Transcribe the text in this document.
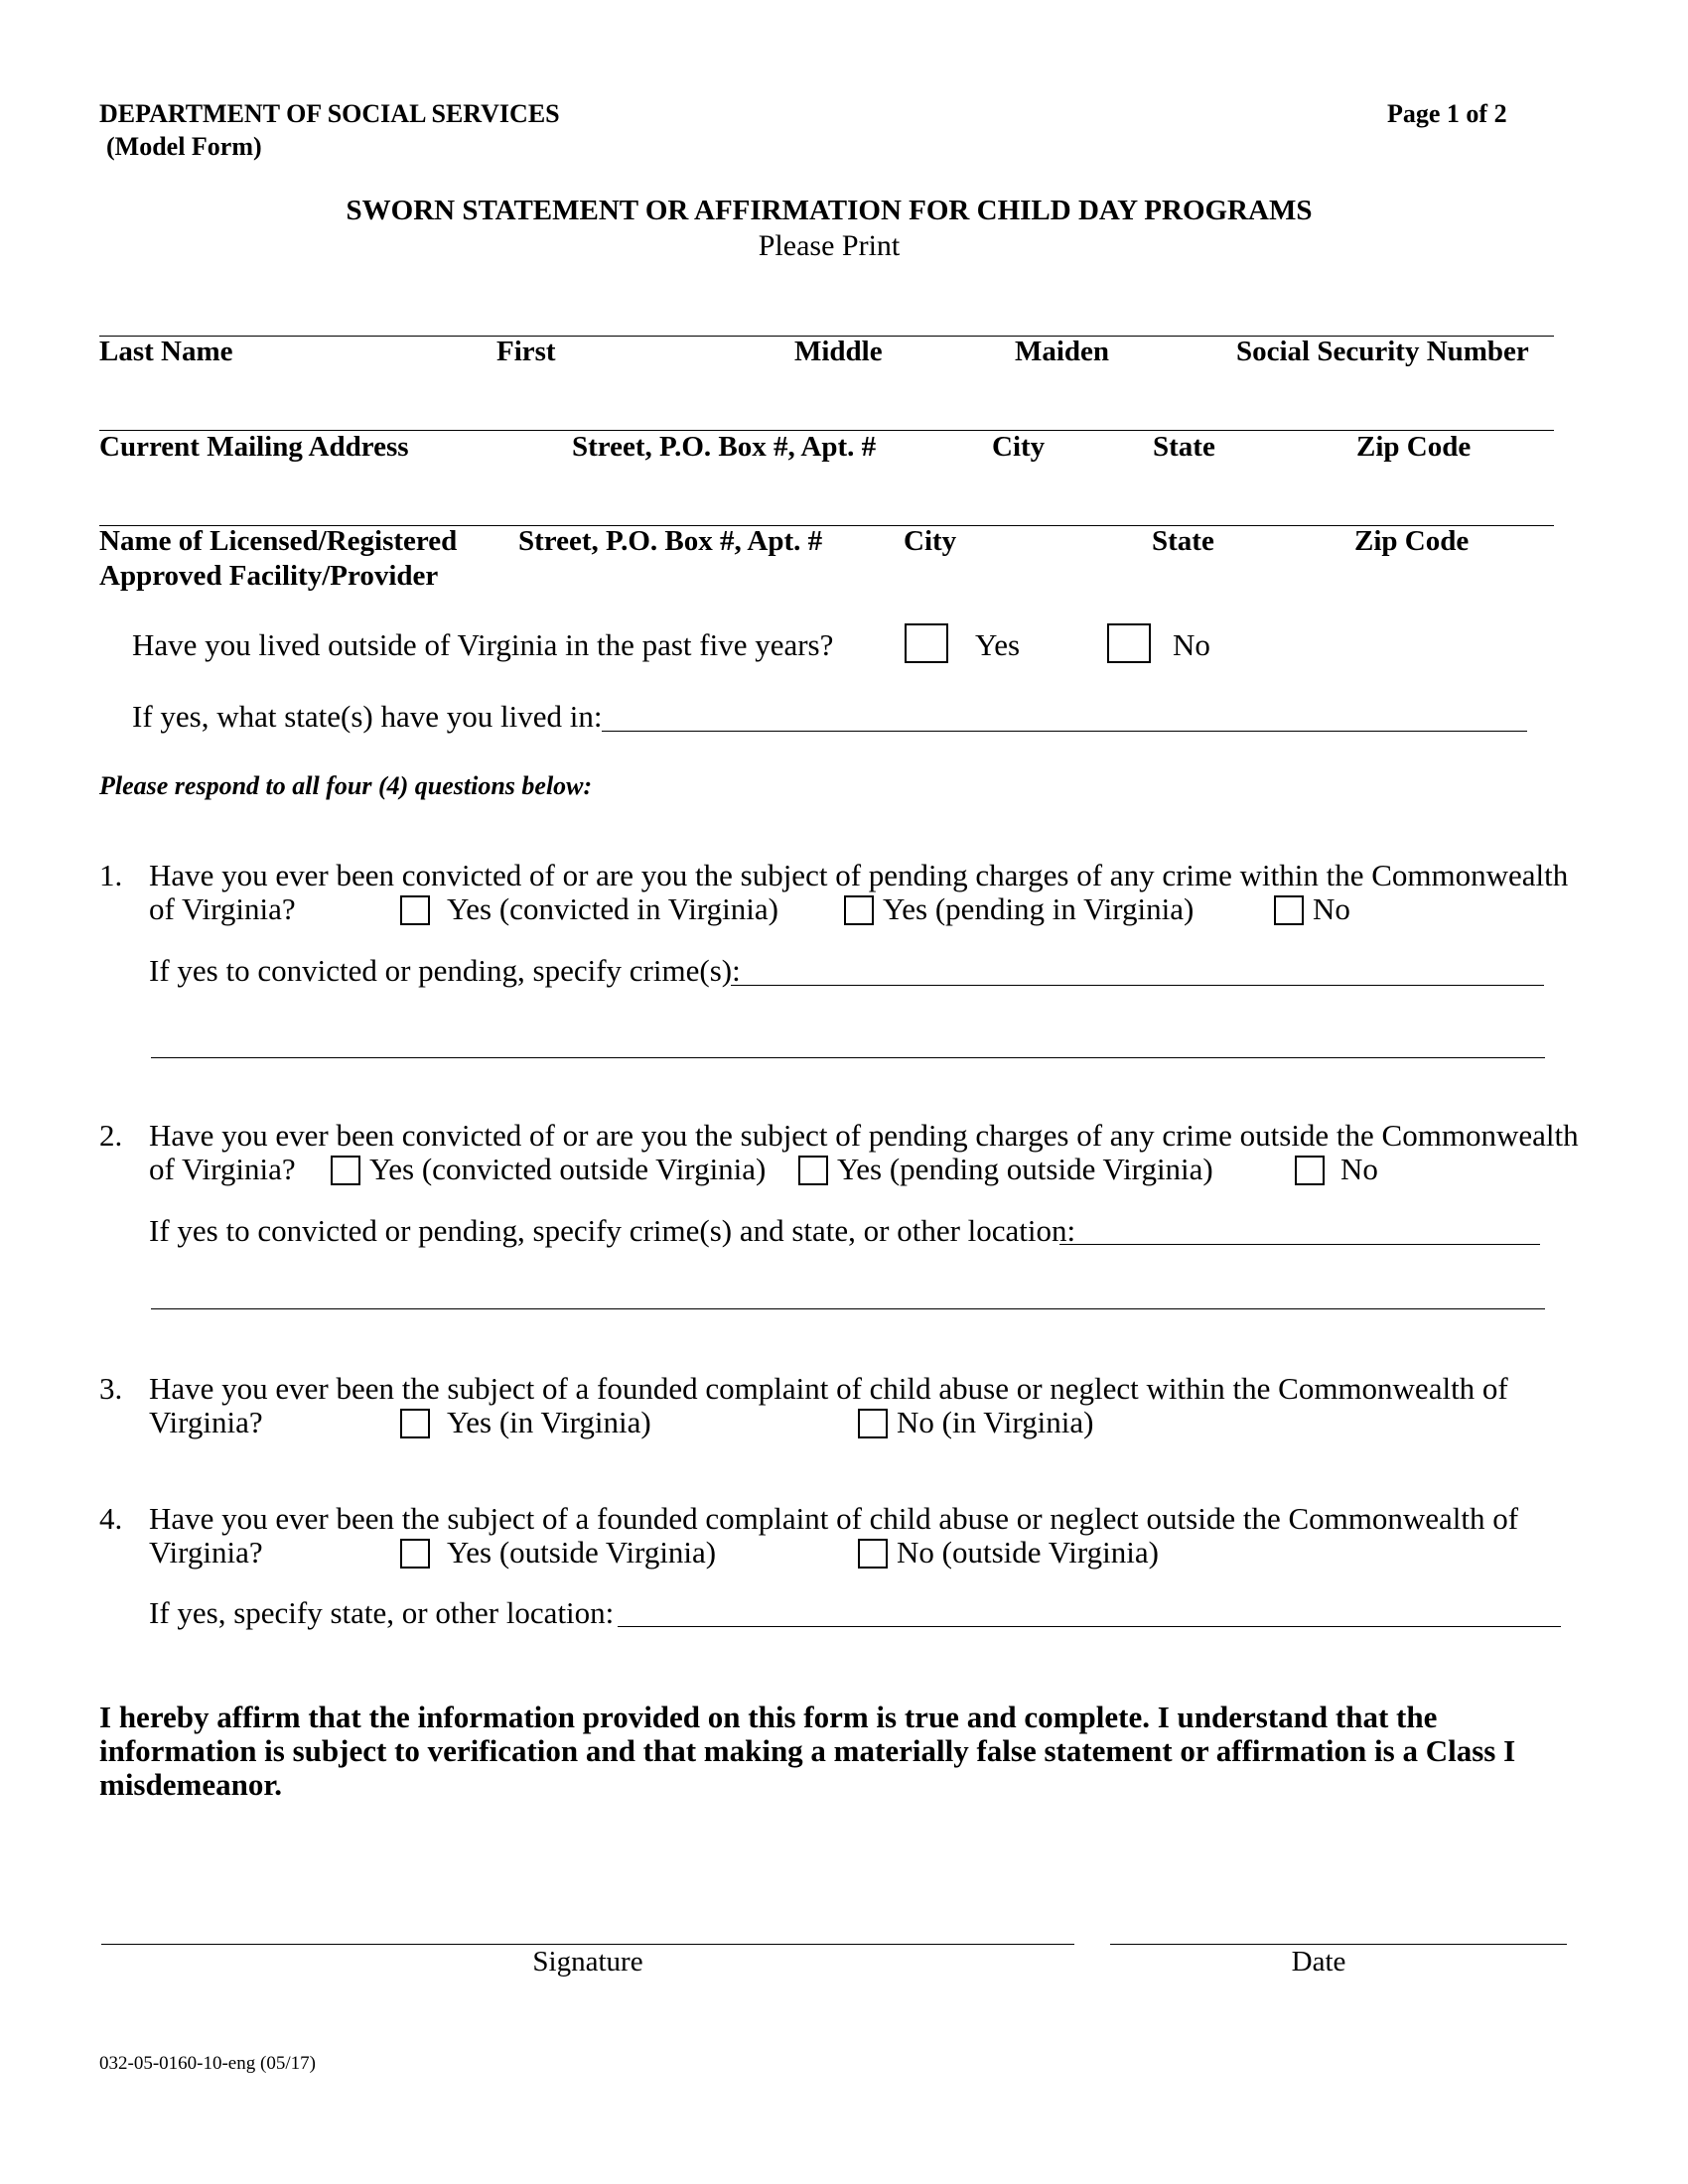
DEPARTMENT OF SOCIAL SERVICES
(Model Form)
Page 1 of 2
SWORN STATEMENT OR AFFIRMATION FOR CHILD DAY PROGRAMS
Please Print
Last Name	First	Middle	Maiden	Social Security Number
Current Mailing Address	Street, P.O. Box #, Apt. #	City	State	Zip Code
Name of Licensed/Registered
Approved Facility/Provider
Street, P.O. Box #, Apt. #	City	State	Zip Code
Have you lived outside of Virginia in the past five years?	Yes	No
If yes, what state(s) have you lived in:
Please respond to all four (4) questions below:
1. Have you ever been convicted of or are you the subject of pending charges of any crime within the Commonwealth
of Virginia?	Yes (convicted in Virginia)	Yes (pending in Virginia)	No
If yes to convicted or pending, specify crime(s):
2. Have you ever been convicted of or are you the subject of pending charges of any crime outside the Commonwealth
of Virginia? Yes (convicted outside Virginia) Yes (pending outside Virginia)	No
If yes to convicted or pending, specify crime(s) and state, or other location:
3. Have you ever been the subject of a founded complaint of child abuse or neglect within the Commonwealth of
Virginia?	Yes (in Virginia)	No (in Virginia)
4. Have you ever been the subject of a founded complaint of child abuse or neglect outside the Commonwealth of
Virginia?	Yes (outside Virginia)	No (outside Virginia)
If yes, specify state, or other location:
I hereby affirm that the information provided on this form is true and complete. I understand that the
information is subject to verification and that making a materially false statement or affirmation is a Class I
misdemeanor.
Signature	Date
032-05-0160-10-eng (05/17)
